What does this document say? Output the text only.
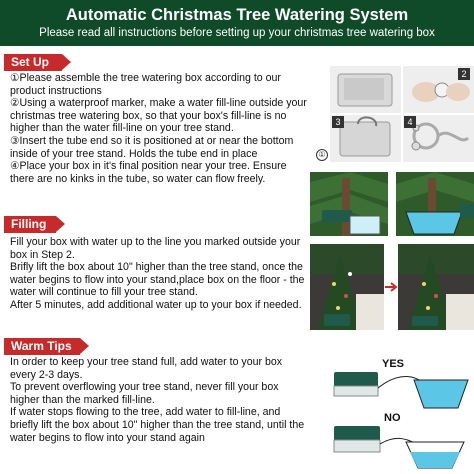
Automatic Christmas Tree Watering System
Please read all instructions before setting up your christmas tree watering box
Set Up

①Please assemble the tree watering box according to our product instructions

②Using a waterproof marker, make a water fill-line outside your christmas tree watering box, so that your box's fill-line is no higher than the water fill-line on your tree stand.

③Insert the tube end so it is positioned at or near the bottom inside of your tree stand. Holds the tube end in place

④Place your box in it's final position near your tree. Ensure there are no kinks in the tube, so water can flow freely.

Filling

Fill your box with water up to the line you marked outside your box in Step 2.

Brifly lift the box about 10" higher than the tree stand, once the water begins to flow into your stand,place box on the floor - the water will continue to fill your tree stand.

After 5 minutes, add additional water up to your box if needed.

Warm Tips

In order to keep your tree stand full, add water to your box every 2-3 days.

To prevent overflowing your tree stand, never fill your box higher than the marked fill-line.

If water stops flowing to the tree, add water to fill-line, and briefly lift the box about 10" higher than the tree stand, until the water begins to flow into your stand again

2
3	4
①
YES
NO
